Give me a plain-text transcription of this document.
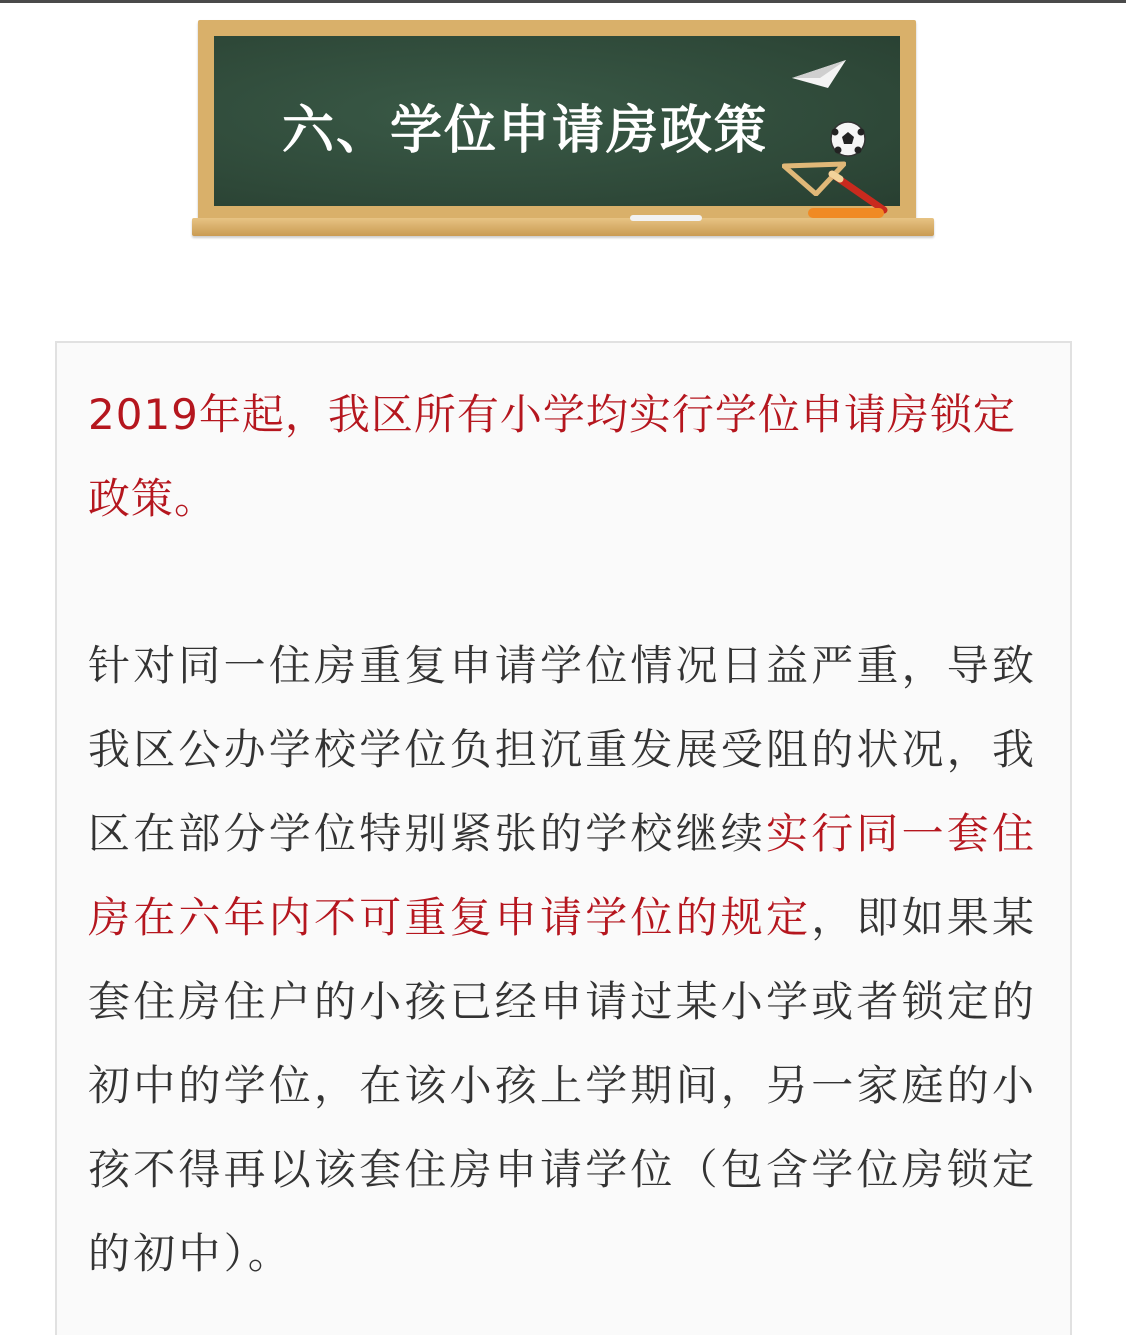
六、学位申请房政策

2019年起，我区所有小学均实行学位申请房锁定政策。

针对同一住房重复申请学位情况日益严重，导致我区公办学校学位负担沉重发展受阻的状况，我区在部分学位特别紧张的学校继续实行同一套住房在六年内不可重复申请学位的规定，即如果某套住房住户的小孩已经申请过某小学或者锁定的初中的学位，在该小孩上学期间，另一家庭的小孩不得再以该套住房申请学位（包含学位房锁定的初中）。
